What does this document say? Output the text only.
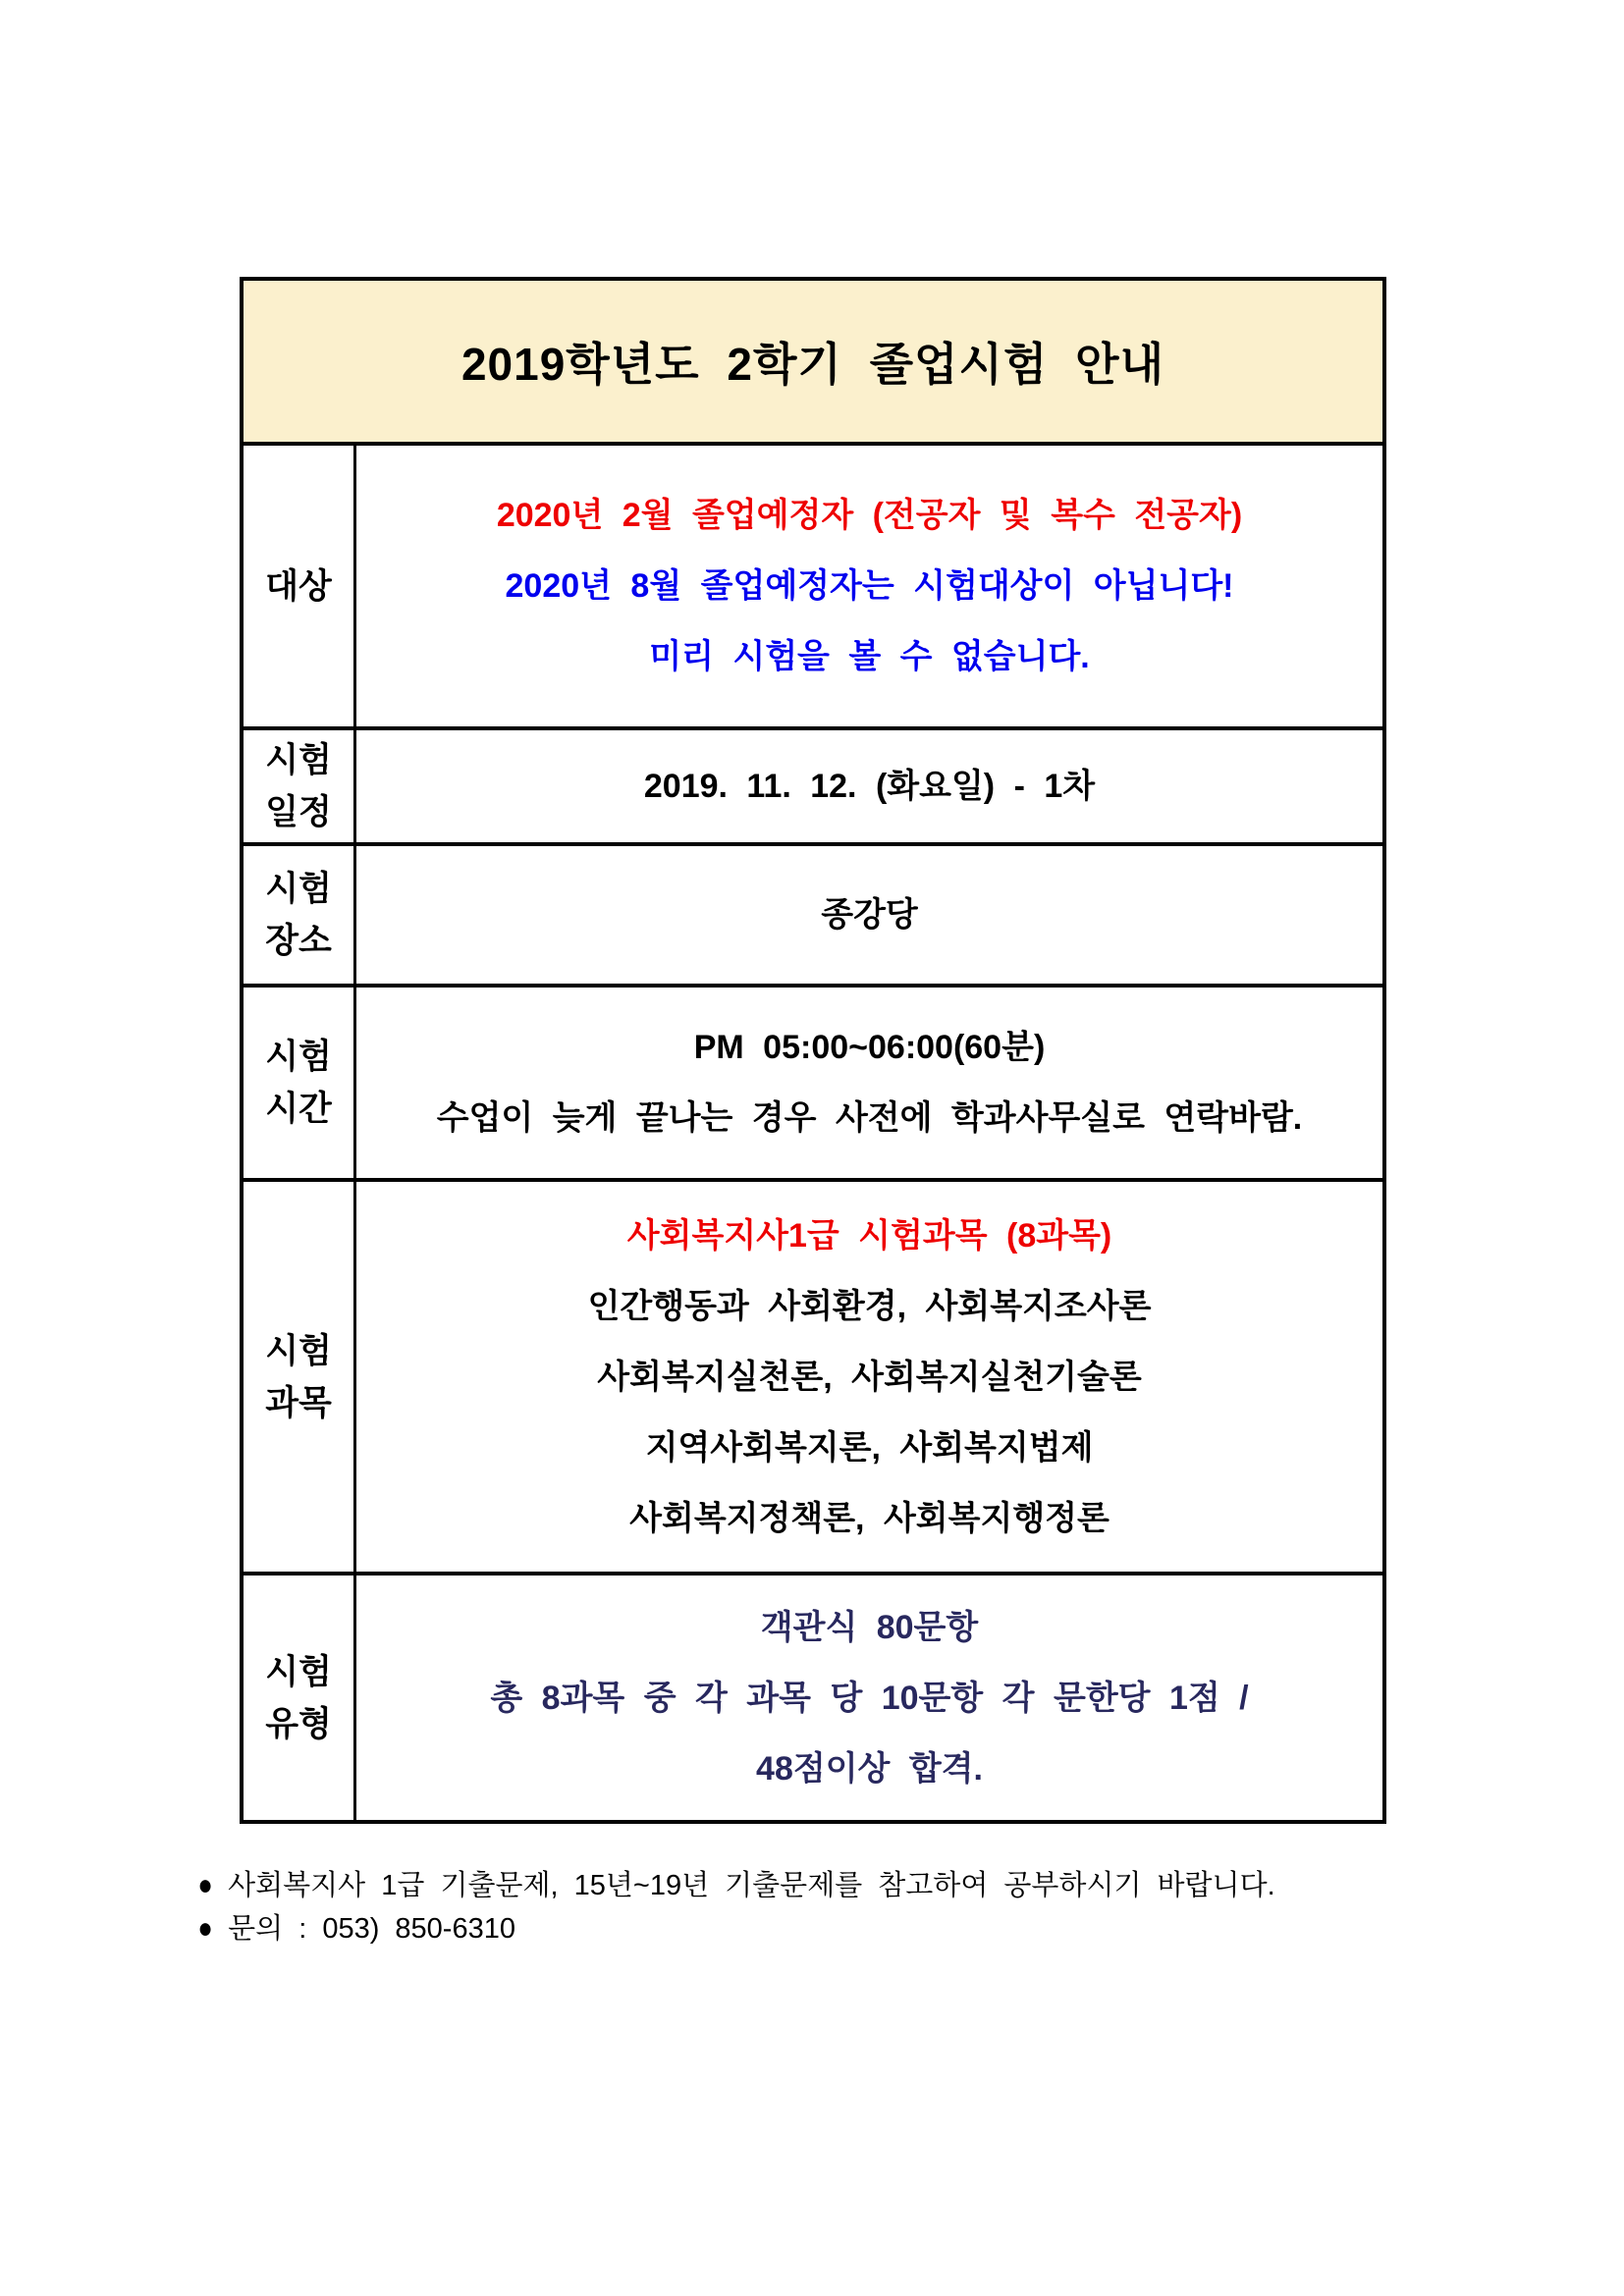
2019학년도 2학기 졸업시험 안내
대상
2020년 2월 졸업예정자 (전공자 및 복수 전공자)
2020년 8월 졸업예정자는 시험대상이 아닙니다!
미리 시험을 볼 수 없습니다.
시험
일정
2019. 11. 12. (화요일) - 1차
시험
장소
종강당
시험
시간
PM 05:00~06:00(60분)
수업이 늦게 끝나는 경우 사전에 학과사무실로 연락바람.
시험
과목
사회복지사1급 시험과목 (8과목)
인간행동과 사회환경, 사회복지조사론
사회복지실천론, 사회복지실천기술론
지역사회복지론, 사회복지법제
사회복지정책론, 사회복지행정론
시험
유형
객관식 80문항
총 8과목 중 각 과목 당 10문항 각 문한당 1점 /
48점이상 합격.
● 사회복지사 1급 기출문제, 15년~19년 기출문제를 참고하여 공부하시기 바랍니다.
● 문의 : 053) 850-6310
